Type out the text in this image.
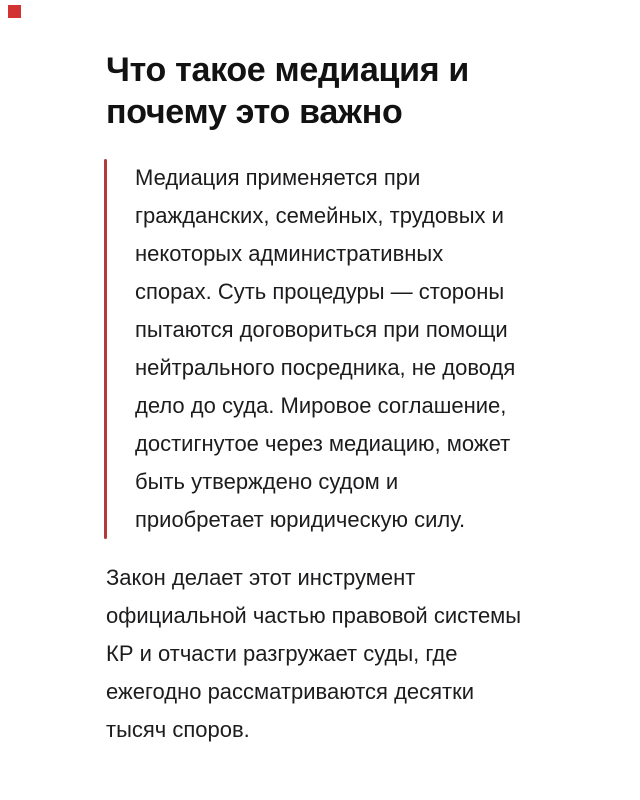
Что такое медиация и
почему это важно
Медиация применяется при
гражданских, семейных, трудовых и
некоторых административных
спорах. Суть процедуры — стороны
пытаются договориться при помощи
нейтрального посредника, не доводя
дело до суда. Мировое соглашение,
достигнутое через медиацию, может
быть утверждено судом и
приобретает юридическую силу.
Закон делает этот инструмент
официальной частью правовой системы
КР и отчасти разгружает суды, где
ежегодно рассматриваются десятки
тысяч споров.
